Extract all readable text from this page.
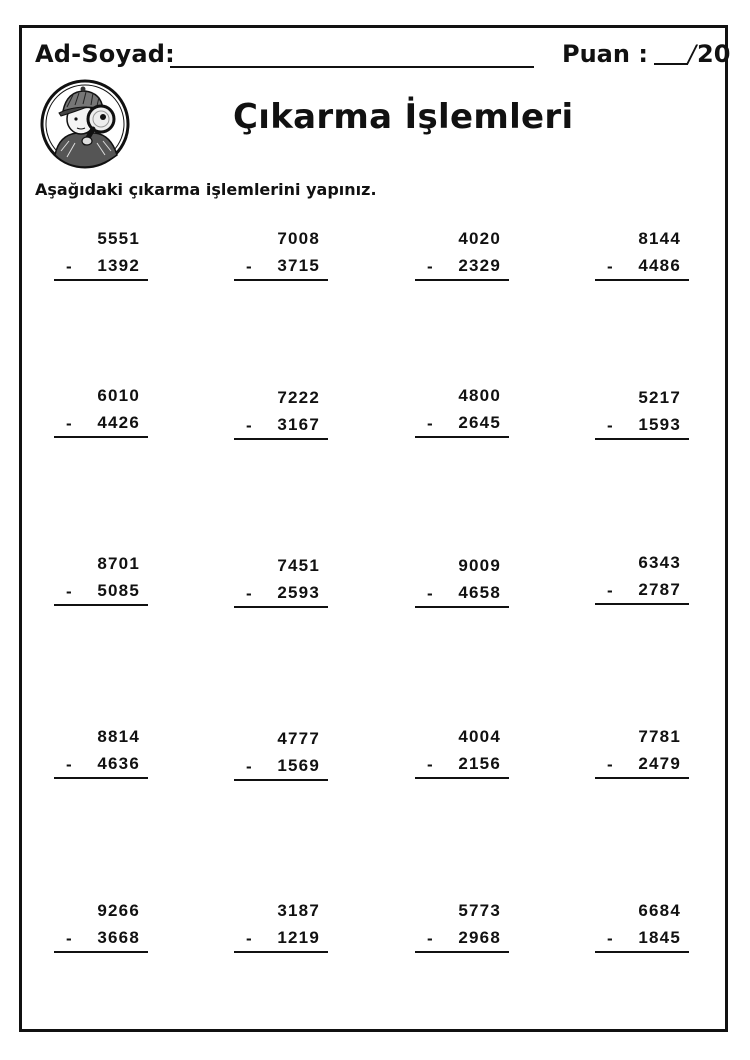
Ad-Soyad:	Puan : /20
Çıkarma İşlemleri
Aşağıdaki çıkarma işlemlerini yapınız.
5551
- 1392
7008
- 3715
4020
- 2329
8144
- 4486
6010
- 4426
7222
- 3167
4800
- 2645
5217
- 1593
8701
- 5085
7451
- 2593
9009
- 4658
6343
- 2787
8814
- 4636
4777
- 1569
4004
- 2156
7781
- 2479
9266
- 3668
3187
- 1219
5773
- 2968
6684
- 1845
